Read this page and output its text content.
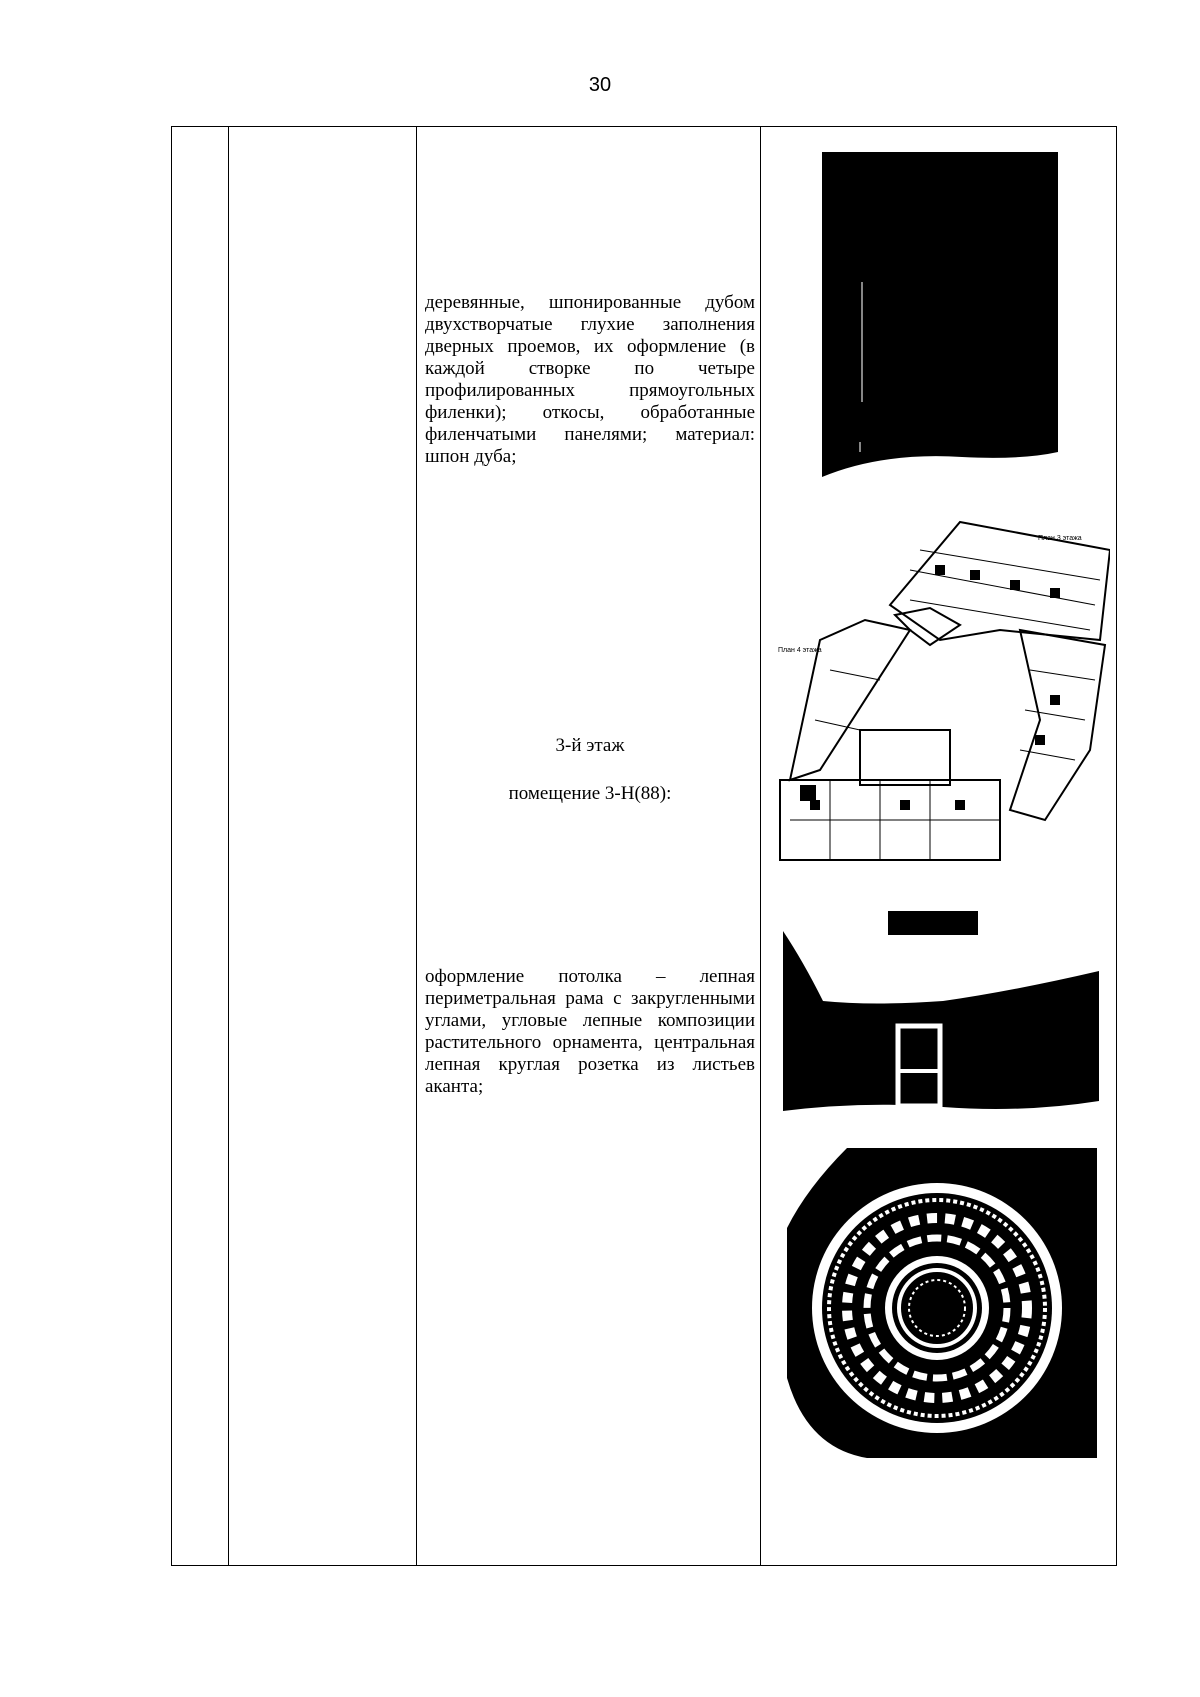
30
деревянные, шпонированные дубом двухстворчатые глухие заполнения дверных проемов, их оформление (в каждой створке по четыре профилированных прямоугольных филенки); откосы, обработанные филенчатыми панелями; материал: шпон дуба;
3-й этаж
помещение 3-Н(88):
оформление потолка – лепная периметральная рама с закругленными углами, угловые лепные композиции растительного орнамента, центральная лепная круглая розетка из листьев аканта;
План 3 этажа
План 4 этажа
